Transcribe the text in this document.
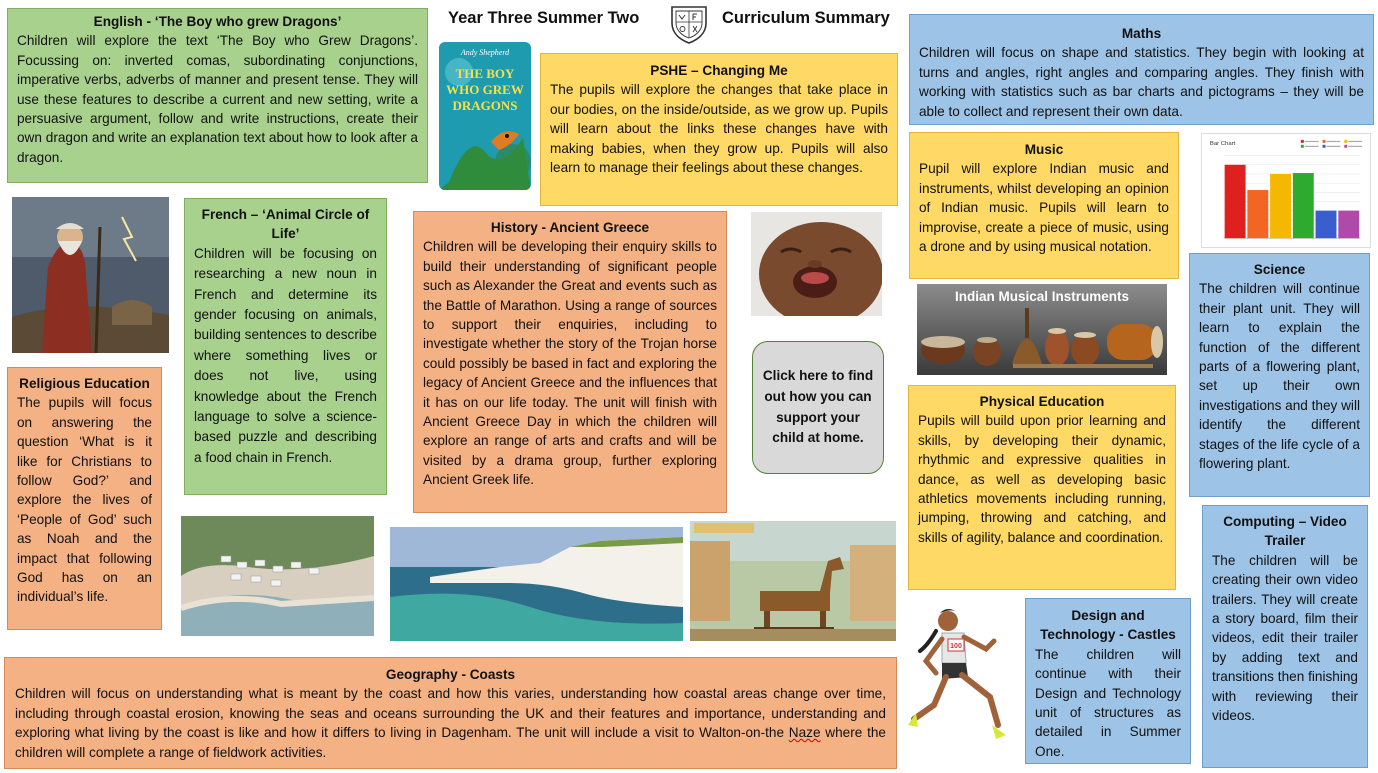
Year Three Summer Two	Curriculum Summary

English - ‘The Boy who grew Dragons’

Children will explore the text ‘The Boy who Grew Dragons’. Focussing on: inverted comas, subordinating conjunctions, imperative verbs, adverbs of manner and present tense. They will use these features to describe a current and new setting, write a persuasive argument, follow and write instructions, create their own dragon and write an explanation text about how to look after a dragon.

Andy Shepherd
THE BOY
WHO GREW
DRAGONS

PSHE – Changing Me

The pupils will explore the changes that take place in our bodies, on the inside/outside, as we grow up. Pupils will learn about the links these changes have with making babies, when they grow up. Pupils will also learn to manage their feelings about these changes.

Maths

Children will focus on shape and statistics. They begin with looking at turns and angles, right angles and comparing angles. They finish with working with statistics such as bar charts and pictograms – they will be able to collect and represent their own data.

Music

Pupil will explore Indian music and instruments, whilst developing an opinion of Indian music. Pupils will learn to improvise, create a piece of music, using a drone and by using musical notation.

Bar Chart
Indian Musical Instruments

French – ‘Animal Circle of Life’

Children will be focusing on researching a new noun in French and determine its gender focusing on animals, building sentences to describe where something lives or does not live, using knowledge about the French language to solve a science-based puzzle and describing a food chain in French.

History - Ancient Greece

Children will be developing their enquiry skills to build their understanding of significant people such as Alexander the Great and events such as the Battle of Marathon. Using a range of sources to support their enquiries, including to investigate whether the story of the Trojan horse could possibly be based in fact and exploring the legacy of Ancient Greece and the influences that it has on our life today. The unit will finish with Ancient Greece Day in which the children will explore an range of arts and crafts and will be visited by a drama group, further exploring Ancient Greek life.

Click here to find out how you can support your child at home.

Religious Education

The pupils will focus on answering the question ‘What is it like for Christians to follow God?’ and explore the lives of ‘People of God’ such as Noah and the impact that following God has on an individual’s life.

Science

The children will continue their plant unit. They will learn to explain the function of the different parts of a flowering plant, set up their own investigations and they will identify the different stages of the life cycle of a flowering plant.

Physical Education

Pupils will build upon prior learning and skills, by developing their dynamic, rhythmic and expressive qualities in dance, as well as developing basic athletics movements including running, jumping, throwing and catching, and skills of agility, balance and coordination.

Computing – Video Trailer

The children will be creating their own video trailers. They will create a story board, film their videos, edit their trailer by adding text and transitions then finishing with reviewing their videos.

100

Design and Technology - Castles

The children will continue with their Design and Technology unit of structures as detailed in Summer One.

Geography - Coasts

Children will focus on understanding what is meant by the coast and how this varies, understanding how coastal areas change over time, including through coastal erosion, knowing the seas and oceans surrounding the UK and their features and importance, understanding and exploring what living by the coast is like and how it differs to living in Dagenham. The unit will include a visit to Walton-on-the Naze where the children will complete a range of fieldwork activities.
